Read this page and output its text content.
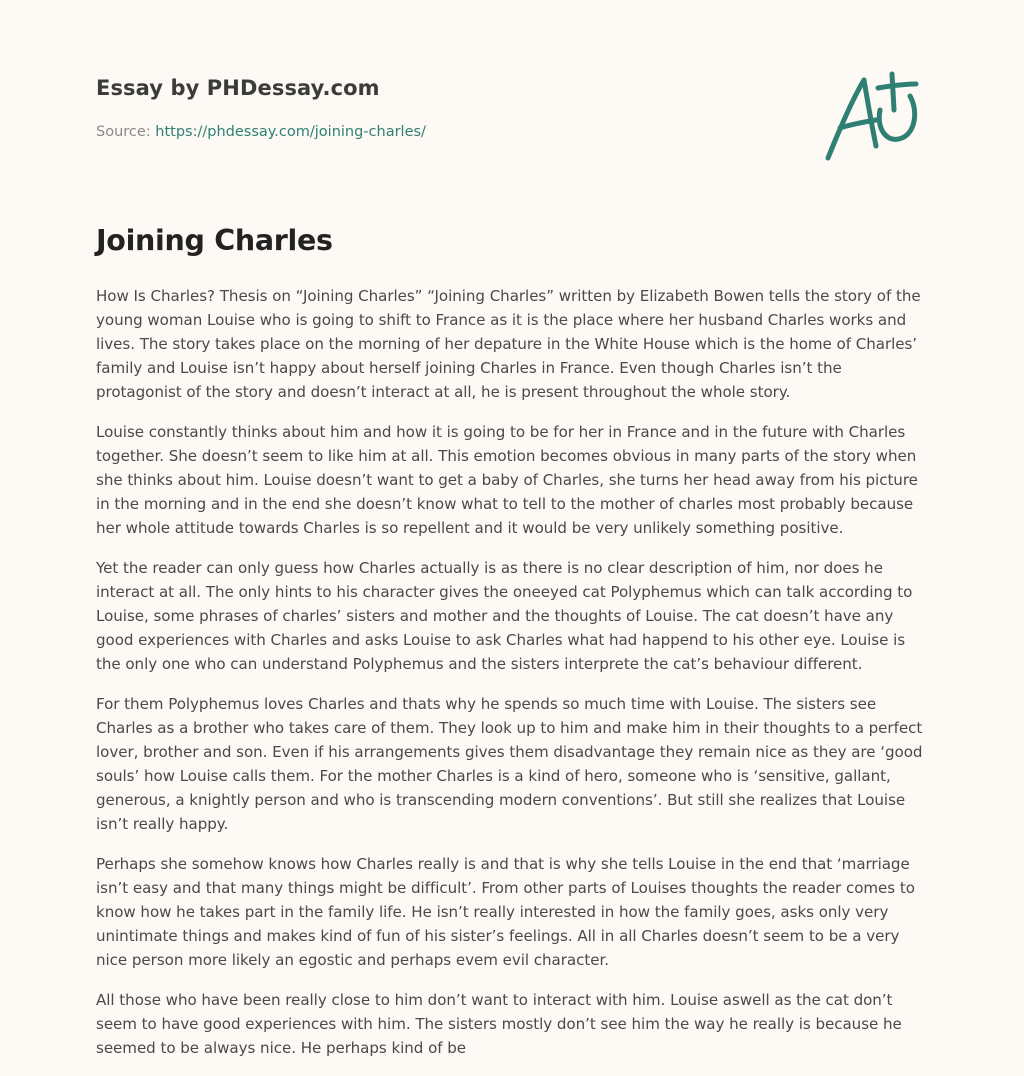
Essay by PHDessay.com
Source: https://phdessay.com/joining-charles/
Joining Charles

How Is Charles? Thesis on “Joining Charles” “Joining Charles” written by Elizabeth Bowen tells the story of the young woman Louise who is going to shift to France as it is the place where her husband Charles works and lives. The story takes place on the morning of her depature in the White House which is the home of Charles’ family and Louise isn’t happy about herself joining Charles in France. Even though Charles isn’t the protagonist of the story and doesn’t interact at all, he is present throughout the whole story.

Louise constantly thinks about him and how it is going to be for her in France and in the future with Charles together. She doesn’t seem to like him at all. This emotion becomes obvious in many parts of the story when she thinks about him. Louise doesn’t want to get a baby of Charles, she turns her head away from his picture in the morning and in the end she doesn’t know what to tell to the mother of charles most probably because her whole attitude towards Charles is so repellent and it would be very unlikely something positive.

Yet the reader can only guess how Charles actually is as there is no clear description of him, nor does he interact at all. The only hints to his character gives the oneeyed cat Polyphemus which can talk according to Louise, some phrases of charles’ sisters and mother and the thoughts of Louise. The cat doesn’t have any good experiences with Charles and asks Louise to ask Charles what had happend to his other eye. Louise is the only one who can understand Polyphemus and the sisters interprete the cat’s behaviour different.

For them Polyphemus loves Charles and thats why he spends so much time with Louise. The sisters see Charles as a brother who takes care of them. They look up to him and make him in their thoughts to a perfect lover, brother and son. Even if his arrangements gives them disadvantage they remain nice as they are ‘good souls’ how Louise calls them. For the mother Charles is a kind of hero, someone who is ‘sensitive, gallant, generous, a knightly person and who is transcending modern conventions’. But still she realizes that Louise isn’t really happy.

Perhaps she somehow knows how Charles really is and that is why she tells Louise in the end that ‘marriage isn’t easy and that many things might be difficult’. From other parts of Louises thoughts the reader comes to know how he takes part in the family life. He isn’t really interested in how the family goes, asks only very unintimate things and makes kind of fun of his sister’s feelings. All in all Charles doesn’t seem to be a very nice person more likely an egostic and perhaps evem evil character.

All those who have been really close to him don’t want to interact with him. Louise aswell as the cat don’t seem to have good experiences with him. The sisters mostly don’t see him the way he really is because he seemed to be always nice. He perhaps kind of be
